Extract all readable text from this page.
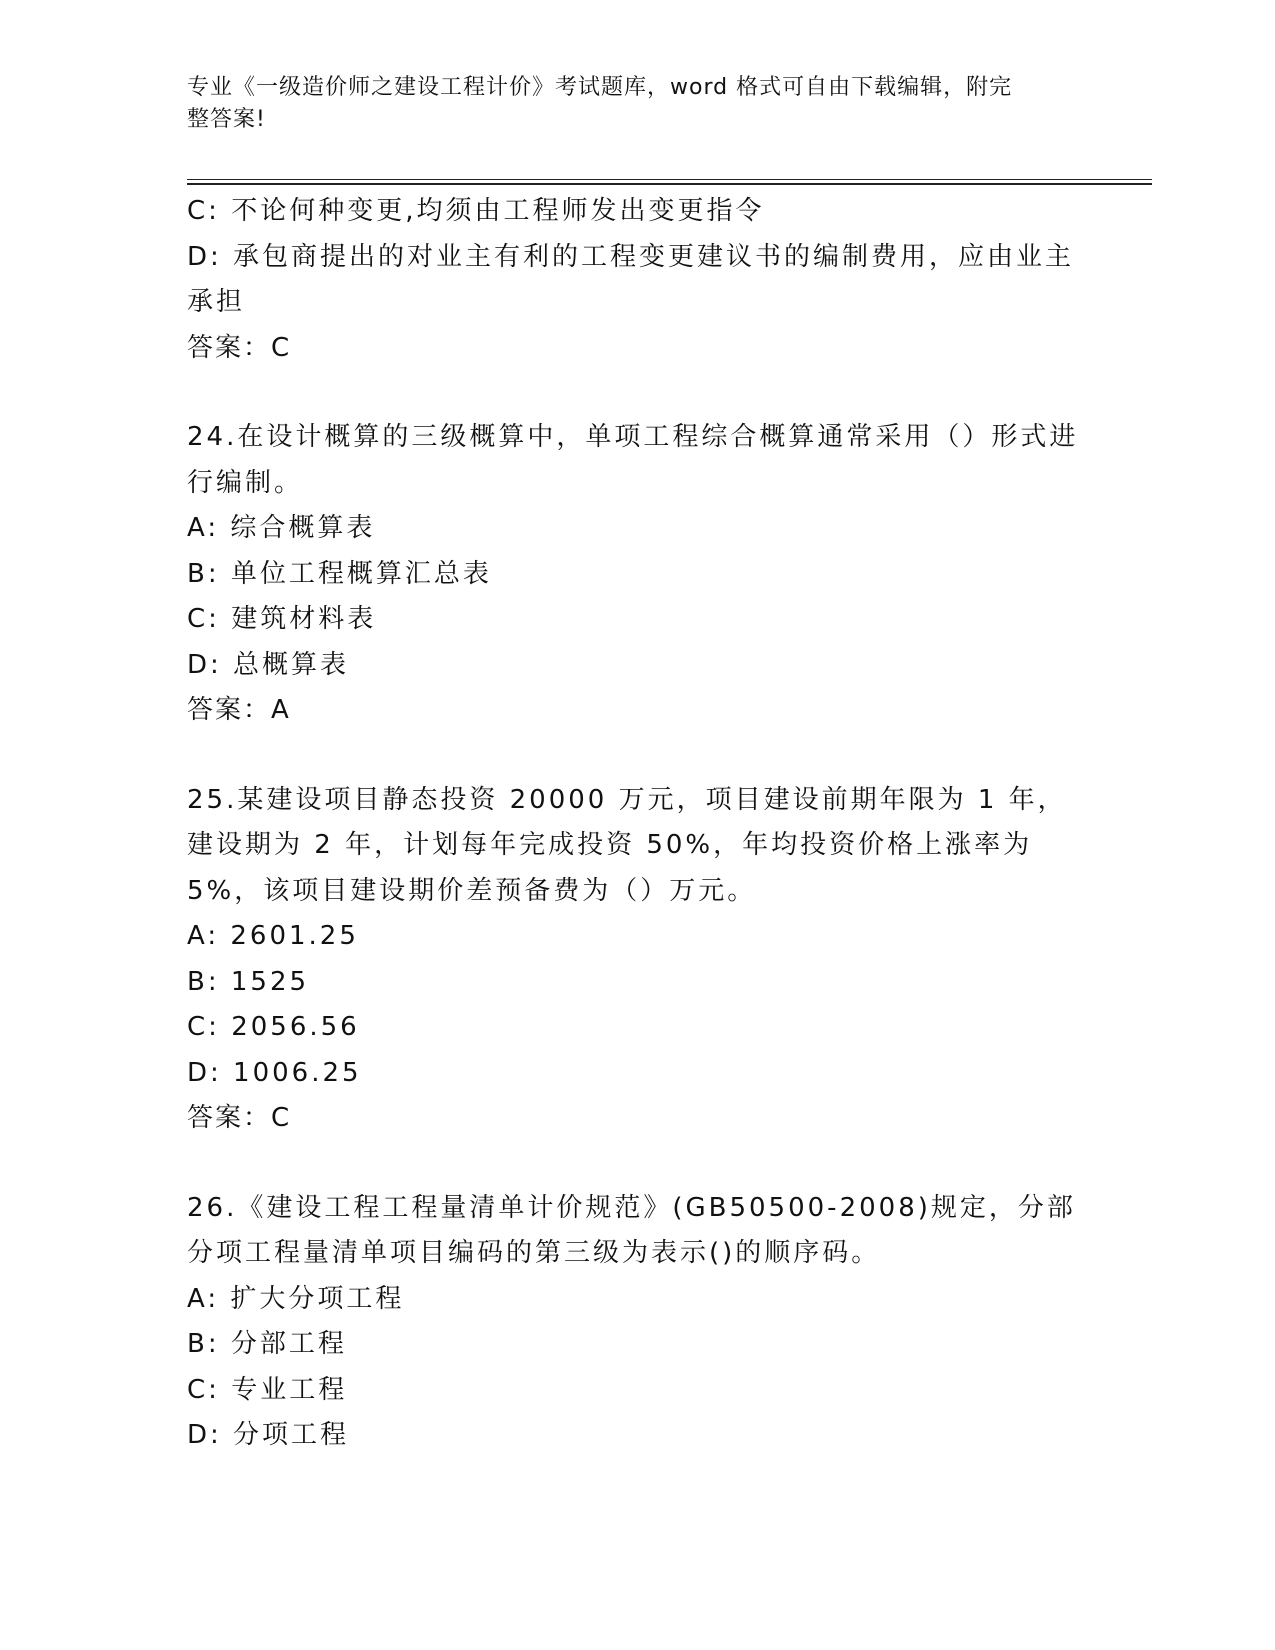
专业《一级造价师之建设工程计价》考试题库，word 格式可自由下载编辑，附完
整答案!
C: 不论何种变更,均须由工程师发出变更指令
D: 承包商提出的对业主有利的工程变更建议书的编制费用，应由业主承担
答案：C
24.在设计概算的三级概算中，单项工程综合概算通常采用（）形式进行编制。
A: 综合概算表
B: 单位工程概算汇总表
C: 建筑材料表
D: 总概算表
答案：A
25.某建设项目静态投资 20000 万元，项目建设前期年限为 1 年，建设期为 2 年，计划每年完成投资 50%，年均投资价格上涨率为 5%，该项目建设期价差预备费为（）万元。
A: 2601.25
B: 1525
C: 2056.56
D: 1006.25
答案：C
26.《建设工程工程量清单计价规范》(GB50500-2008)规定，分部分项工程量清单项目编码的第三级为表示()的顺序码。
A: 扩大分项工程
B: 分部工程
C: 专业工程
D: 分项工程
